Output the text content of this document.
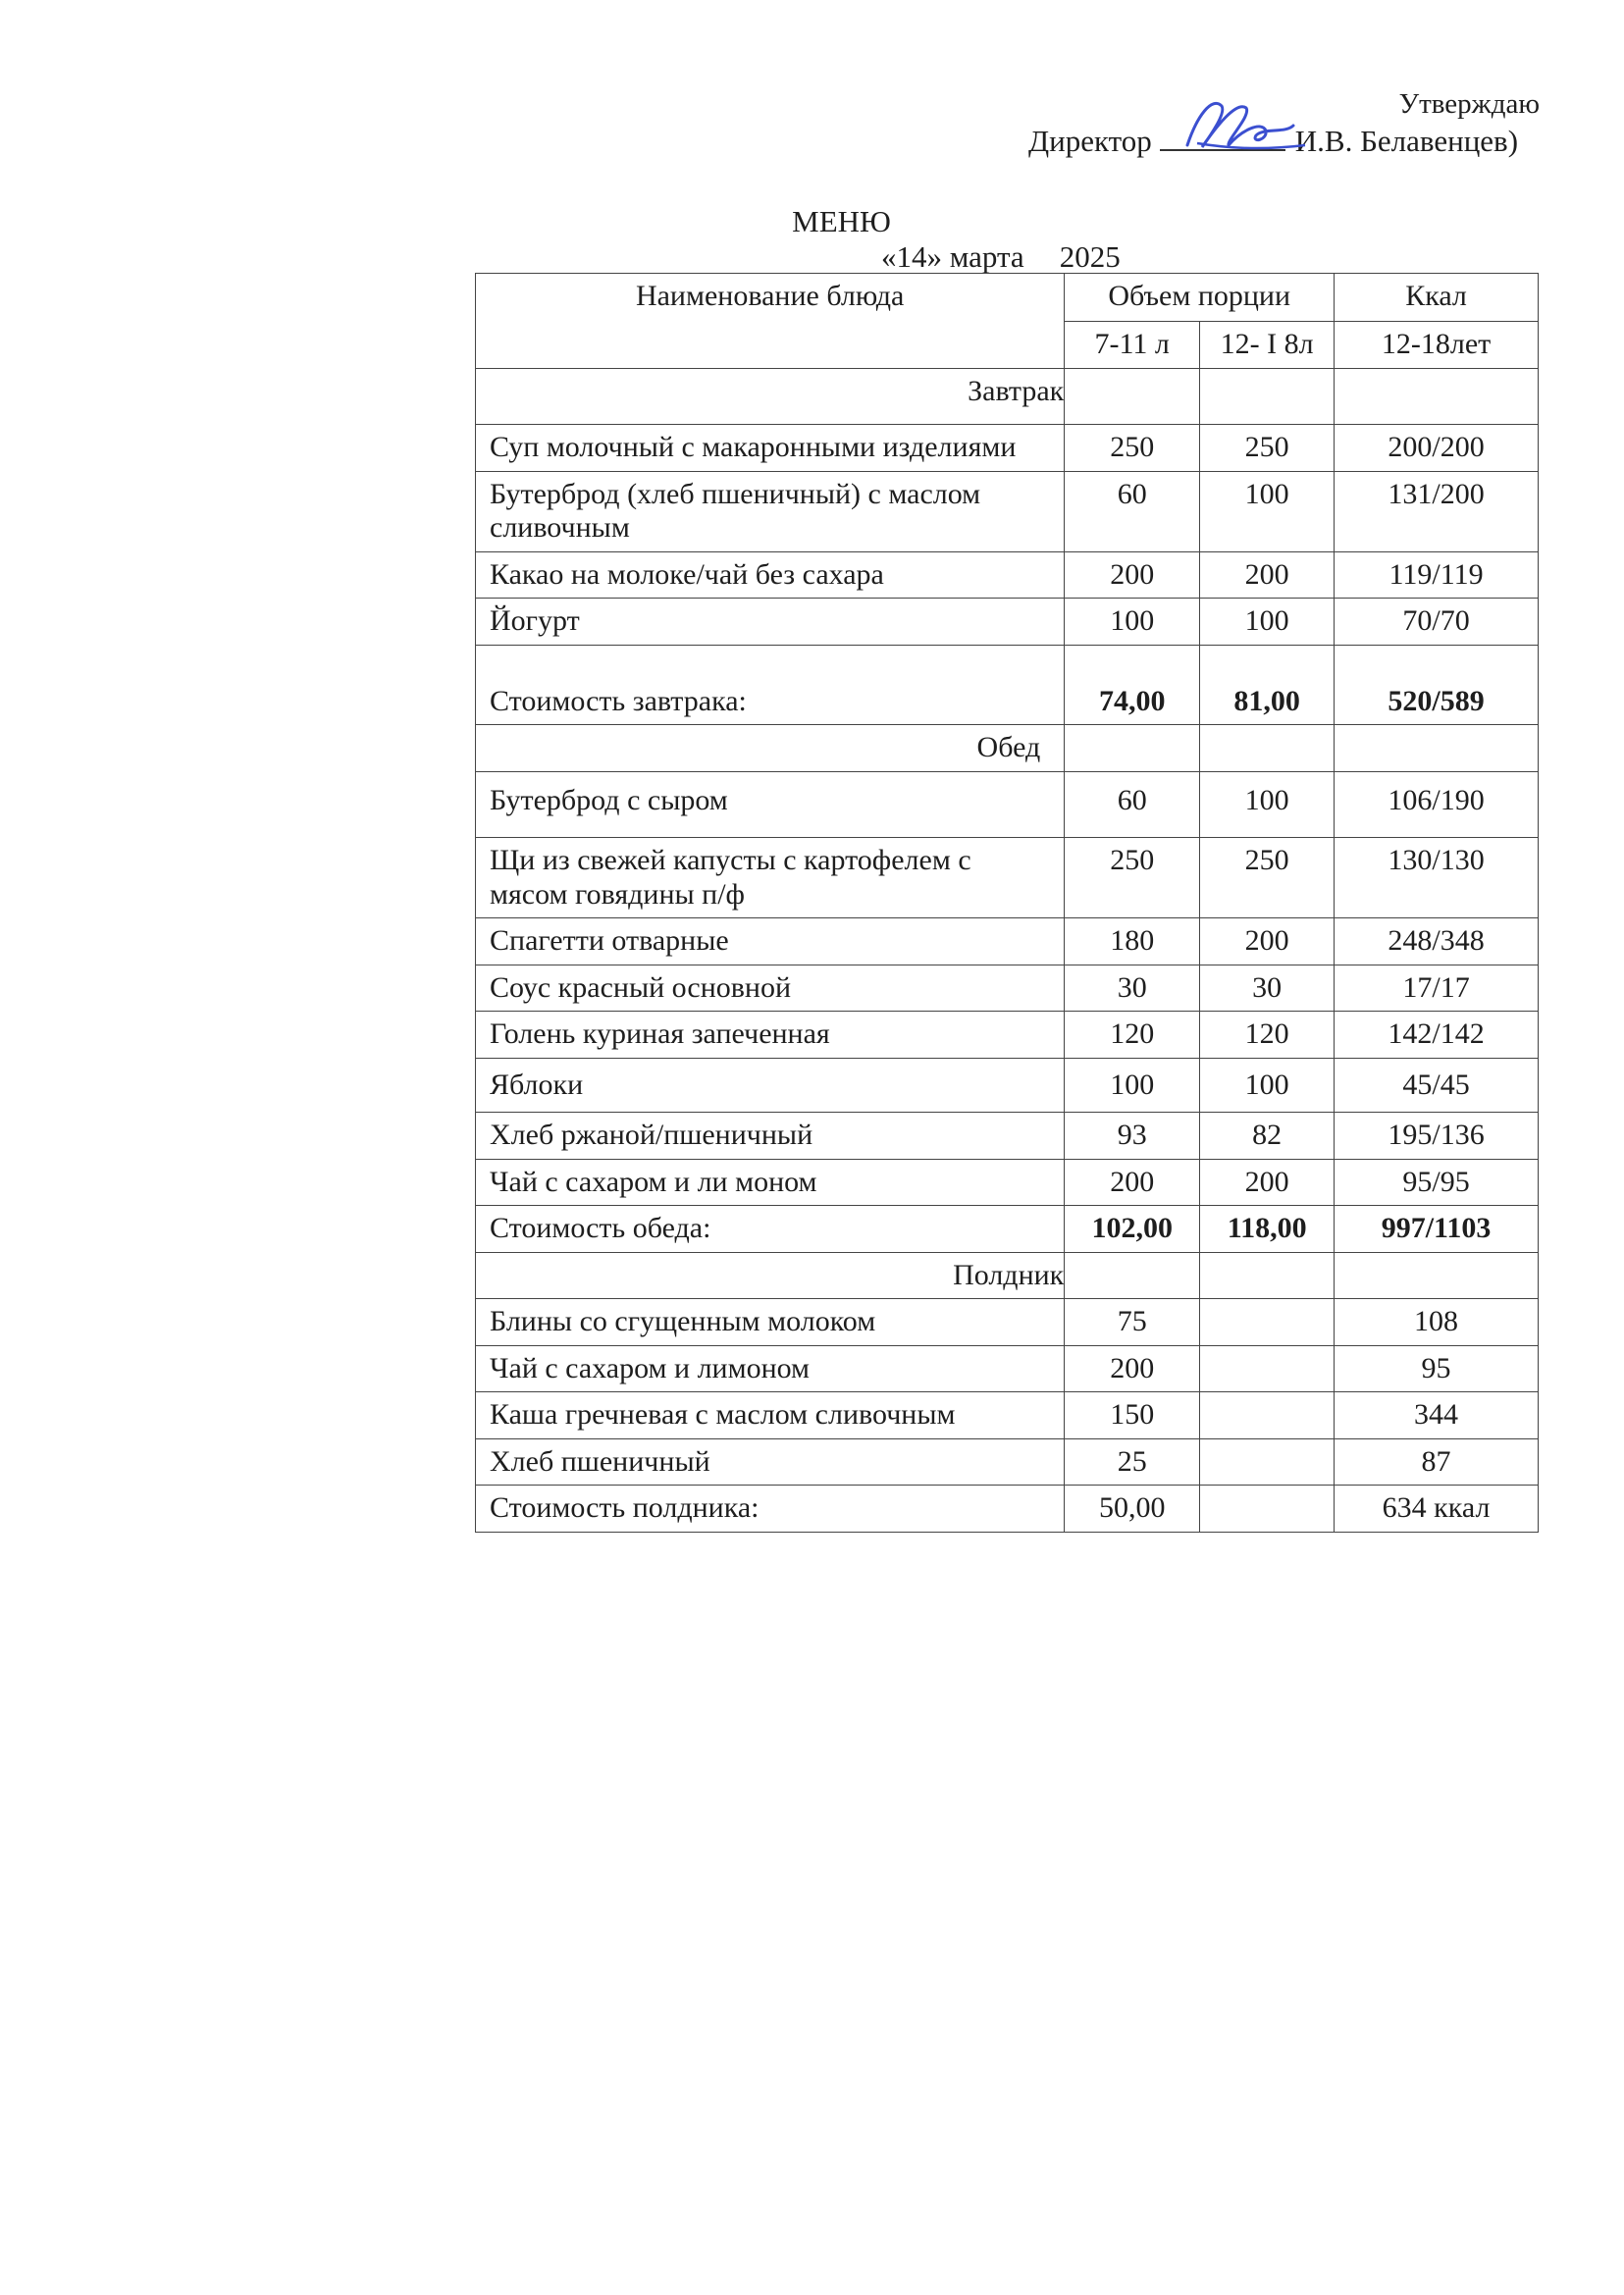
Утверждаю
Директор	И.В. Белавенцев)
МЕНЮ
«14» марта 2025
Наименование блюда	Объем порции		Ккал
	7-11 л	12- I 8л	12-18лет
Завтрак			
Суп молочный с макаронными изделиями	250	250	200/200
Бутерброд (хлеб пшеничный) с маслом сливочным	60	100	131/200
Какао на молоке/чай без сахара	200	200	119/119
Йогурт	100	100	70/70
Стоимость завтрака:	74,00	81,00	520/589
Обед			
Бутерброд с сыром	60	100	106/190
Щи из свежей капусты с картофелем с мясом говядины п/ф	250	250	130/130
Спагетти отварные	180	200	248/348
Соус красный основной	30	30	17/17
Голень куриная запеченная	120	120	142/142
Яблоки	100	100	45/45
Хлеб ржаной/пшеничный	93	82	195/136
Чай с сахаром и ли моном	200	200	95/95
Стоимость обеда:	102,00	118,00	997/1103
Полдник			
Блины со сгущенным молоком	75		108
Чай с сахаром и лимоном	200		95
Каша гречневая с маслом сливочным	150		344
Хлеб пшеничный	25		87
Стоимость полдника:	50,00		634 ккал
